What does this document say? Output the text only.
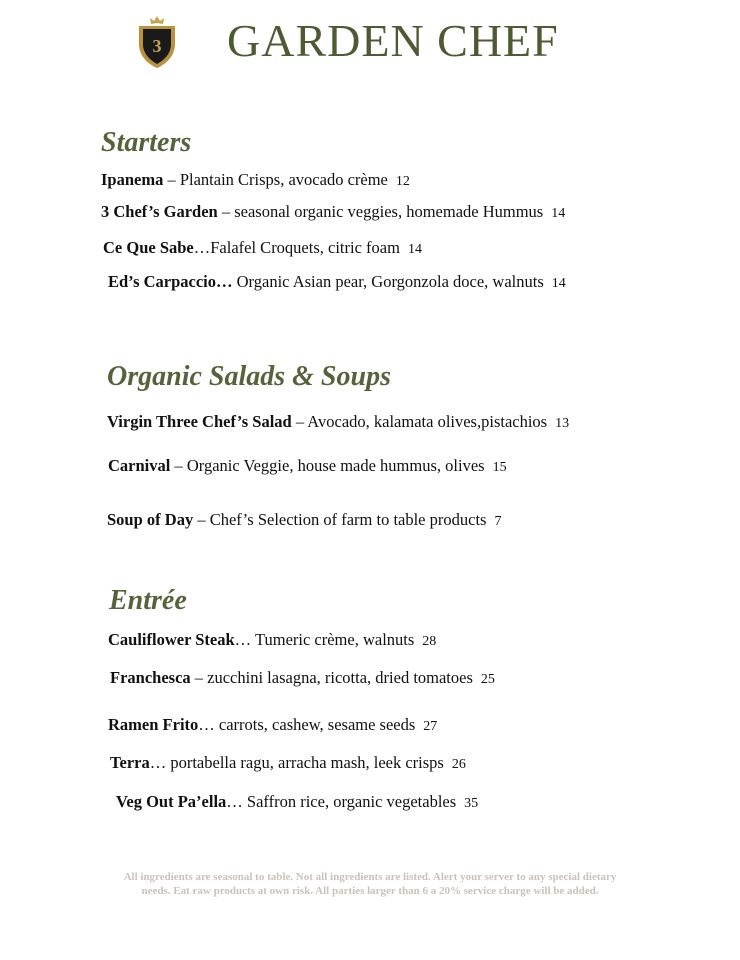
3 GARDEN CHEF
Starters
Ipanema – Plantain Crisps, avocado crème 12
3 Chef’s Garden – seasonal organic veggies, homemade Hummus 14
Ce Que Sabe…Falafel Croquets, citric foam 14
Ed’s Carpaccio… Organic Asian pear, Gorgonzola doce, walnuts 14
Organic Salads & Soups
Virgin Three Chef’s Salad – Avocado, kalamata olives,pistachios 13
Carnival – Organic Veggie, house made hummus, olives 15
Soup of Day – Chef’s Selection of farm to table products 7
Entrée
Cauliflower Steak… Tumeric crème, walnuts 28
Franchesca – zucchini lasagna, ricotta, dried tomatoes 25
Ramen Frito… carrots, cashew, sesame seeds 27
Terra… portabella ragu, arracha mash, leek crisps 26
Veg Out Pa’ella… Saffron rice, organic vegetables 35
All ingredients are seasonal to table. Not all ingredients are listed. Alert your server to any special dietary
needs. Eat raw products at own risk. All parties larger than 6 a 20% service charge will be added.
